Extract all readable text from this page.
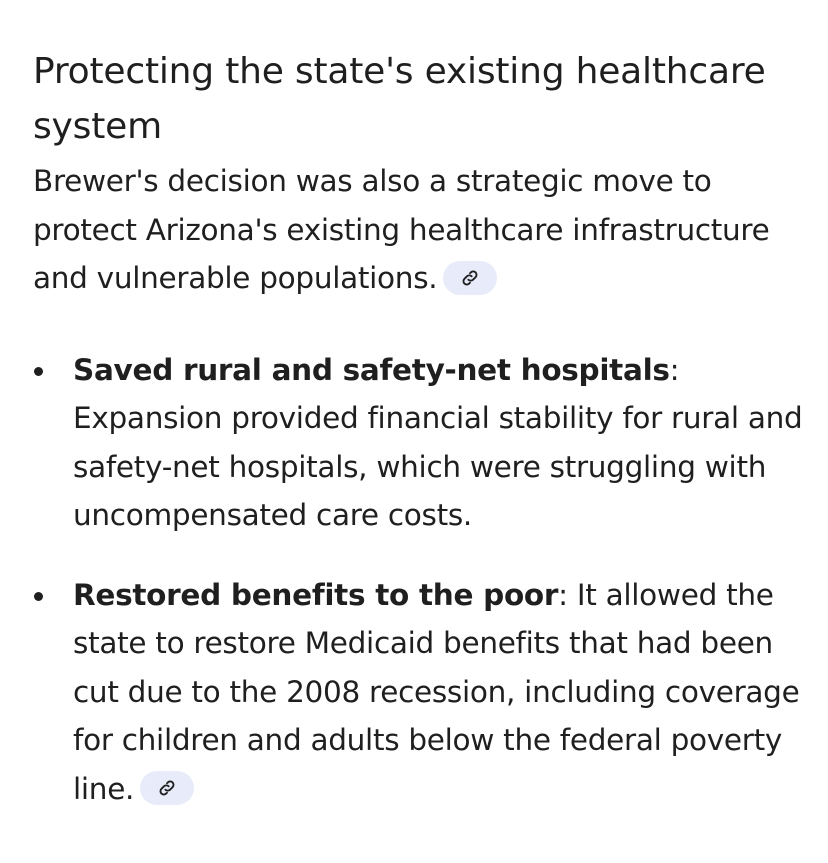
Protecting the state's existing healthcare system

Brewer's decision was also a strategic move to protect Arizona's existing healthcare infrastructure and vulnerable populations.

Saved rural and safety-net hospitals: Expansion provided financial stability for rural and safety-net hospitals, which were struggling with uncompensated care costs.
Restored benefits to the poor: It allowed the state to restore Medicaid benefits that had been cut due to the 2008 recession, including coverage for children and adults below the federal poverty line.
